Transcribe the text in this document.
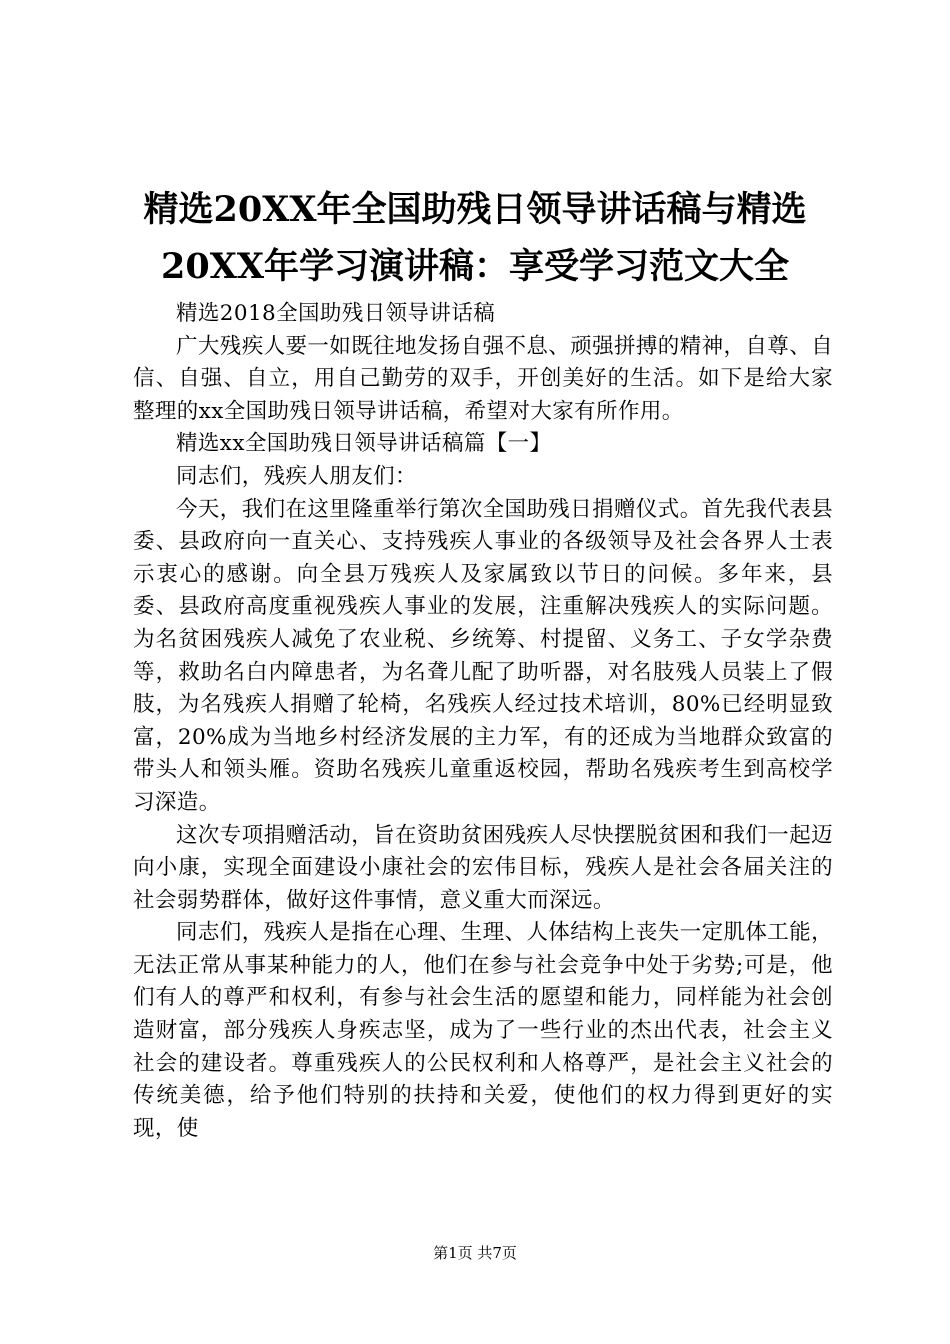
精选20XX年全国助残日领导讲话稿与精选
20XX年学习演讲稿：享受学习范文大全

精选2018全国助残日领导讲话稿

广大残疾人要一如既往地发扬自强不息、顽强拼搏的精神，自尊、自信、自强、自立，用自己勤劳的双手，开创美好的生活。如下是给大家整理的xx全国助残日领导讲话稿，希望对大家有所作用。

精选xx全国助残日领导讲话稿篇【一】

同志们，残疾人朋友们：

今天，我们在这里隆重举行第次全国助残日捐赠仪式。首先我代表县委、县政府向一直关心、支持残疾人事业的各级领导及社会各界人士表示衷心的感谢。向全县万残疾人及家属致以节日的问候。多年来，县委、县政府高度重视残疾人事业的发展，注重解决残疾人的实际问题。为名贫困残疾人减免了农业税、乡统筹、村提留、义务工、子女学杂费等，救助名白内障患者，为名聋儿配了助听器，对名肢残人员装上了假肢，为名残疾人捐赠了轮椅，名残疾人经过技术培训，80%已经明显致富，20%成为当地乡村经济发展的主力军，有的还成为当地群众致富的带头人和领头雁。资助名残疾儿童重返校园，帮助名残疾考生到高校学习深造。

这次专项捐赠活动，旨在资助贫困残疾人尽快摆脱贫困和我们一起迈向小康，实现全面建设小康社会的宏伟目标，残疾人是社会各届关注的社会弱势群体，做好这件事情，意义重大而深远。

同志们，残疾人是指在心理、生理、人体结构上丧失一定肌体工能，无法正常从事某种能力的人，他们在参与社会竞争中处于劣势;可是，他们有人的尊严和权利，有参与社会生活的愿望和能力，同样能为社会创造财富，部分残疾人身疾志坚，成为了一些行业的杰出代表，社会主义社会的建设者。尊重残疾人的公民权利和人格尊严，是社会主义社会的传统美德，给予他们特别的扶持和关爱，使他们的权力得到更好的实现，使

第1页 共7页
